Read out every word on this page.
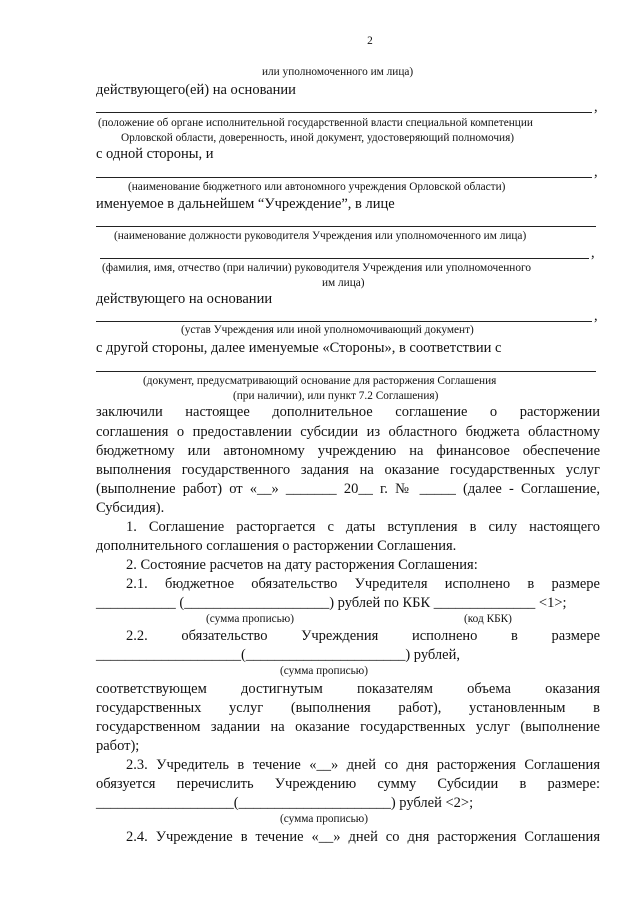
2
или уполномоченного им лица)
действующего(ей) на основании
,
(положение об органе исполнительной государственной власти специальной компетенции
Орловской области, доверенность, иной документ, удостоверяющий полномочия)
с одной стороны, и
,
(наименование бюджетного или автономного учреждения Орловской области)
именуемое в дальнейшем “Учреждение”, в лице
(наименование должности руководителя Учреждения или уполномоченного им лица)
,
(фамилия, имя, отчество (при наличии) руководителя Учреждения или уполномоченного
им лица)
действующего на основании
,
(устав Учреждения или иной уполномочивающий документ)
с другой стороны, далее именуемые «Стороны», в соответствии с
(документ, предусматривающий основание для расторжения Соглашения
(при наличии), или пункт 7.2 Соглашения)
заключили настоящее дополнительное соглашение о расторжении
соглашения о предоставлении субсидии из областного бюджета областному
бюджетному или автономному учреждению на финансовое обеспечение
выполнения государственного задания на оказание государственных услуг
(выполнение работ) от «__» _______ 20__ г. № _____ (далее - Соглашение,
Субсидия).
1. Соглашение расторгается с даты вступления в силу настоящего
дополнительного соглашения о расторжении Соглашения.
2. Состояние расчетов на дату расторжения Соглашения:
2.1. бюджетное обязательство Учредителя исполнено в размере
___________ (____________________) рублей по КБК ______________ <1>;
(сумма прописью)	(код КБК)
2.2. обязательство Учреждения исполнено в размере
____________________(______________________) рублей,
(сумма прописью)
соответствующем достигнутым показателям объема оказания
государственных услуг (выполнения работ), установленным в
государственном задании на оказание государственных услуг (выполнение
работ);
2.3. Учредитель в течение «__» дней со дня расторжения Соглашения
обязуется перечислить Учреждению сумму Субсидии в размере:
___________________(_____________________) рублей <2>;
(сумма прописью)
2.4. Учреждение в течение «__» дней со дня расторжения Соглашения
